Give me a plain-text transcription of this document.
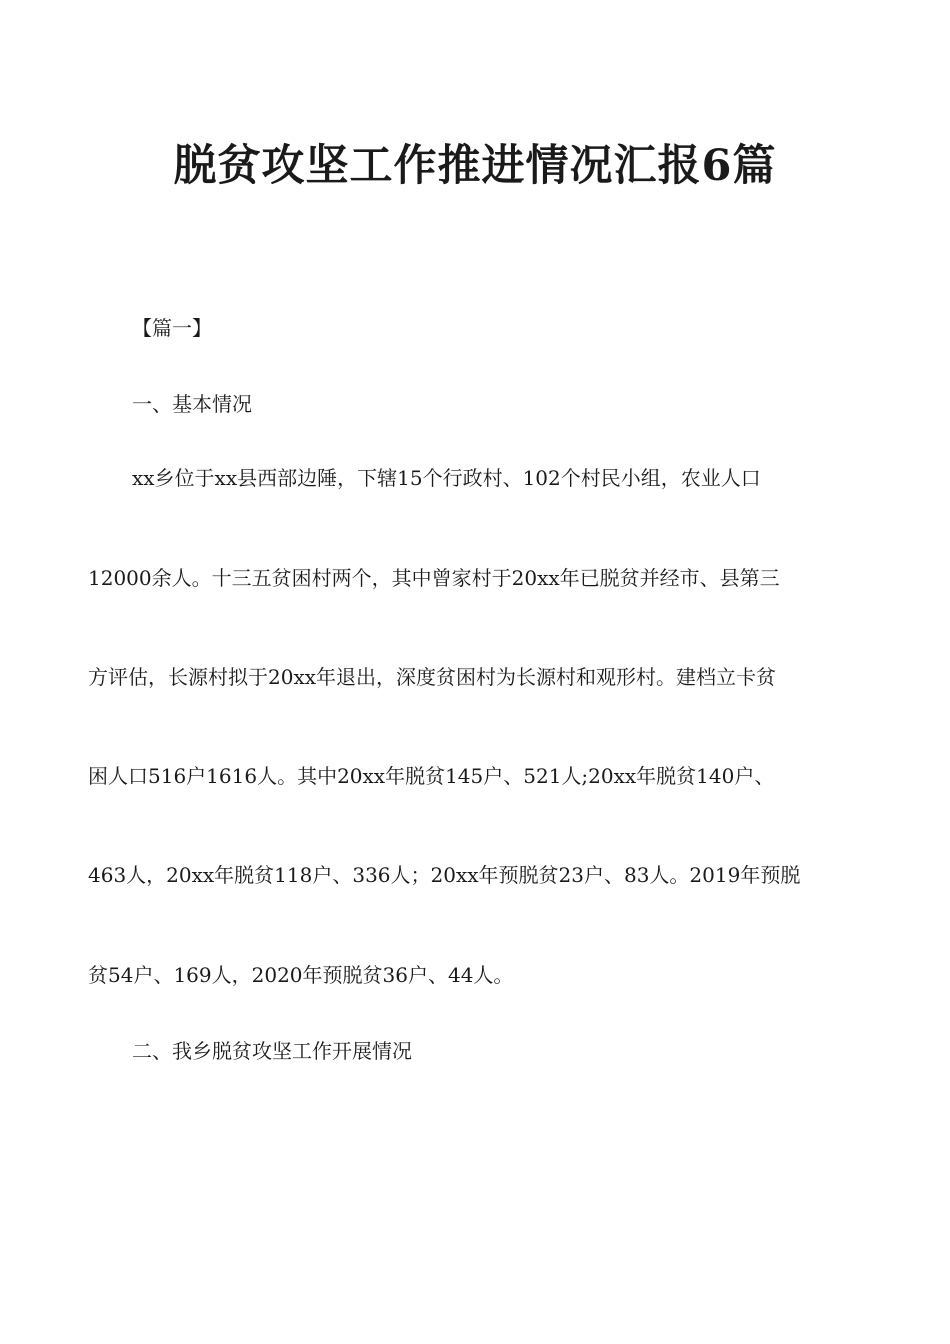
脱贫攻坚工作推进情况汇报6篇
【篇一】
一、基本情况
xx乡位于xx县西部边陲，下辖15个行政村、102个村民小组，农业人口
12000余人。十三五贫困村两个，其中曾家村于20xx年已脱贫并经市、县第三
方评估，长源村拟于20xx年退出，深度贫困村为长源村和观形村。建档立卡贫
困人口516户1616人。其中20xx年脱贫145户、521人;20xx年脱贫140户、
463人，20xx年脱贫118户、336人；20xx年预脱贫23户、83人。2019年预脱
贫54户、169人，2020年预脱贫36户、44人。
二、我乡脱贫攻坚工作开展情况
